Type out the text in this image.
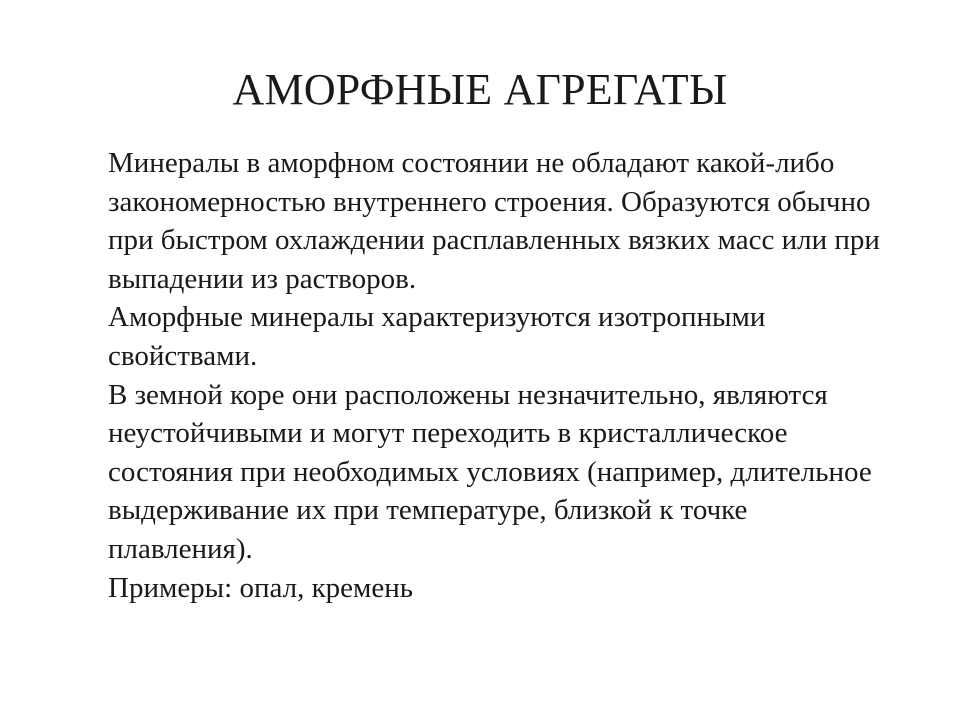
АМОРФНЫЕ АГРЕГАТЫ

Минералы в аморфном состоянии не обладают какой-либо закономерностью внутреннего строения. Образуются обычно при быстром охлаждении расплавленных вязких масс или при выпадении из растворов.

Аморфные минералы характеризуются изотропными свойствами.

В земной коре они расположены незначительно, являются неустойчивыми и могут переходить в кристаллическое состояния при необходимых условиях (например, длительное выдерживание их при температуре, близкой к точке плавления).

Примеры: опал, кремень
